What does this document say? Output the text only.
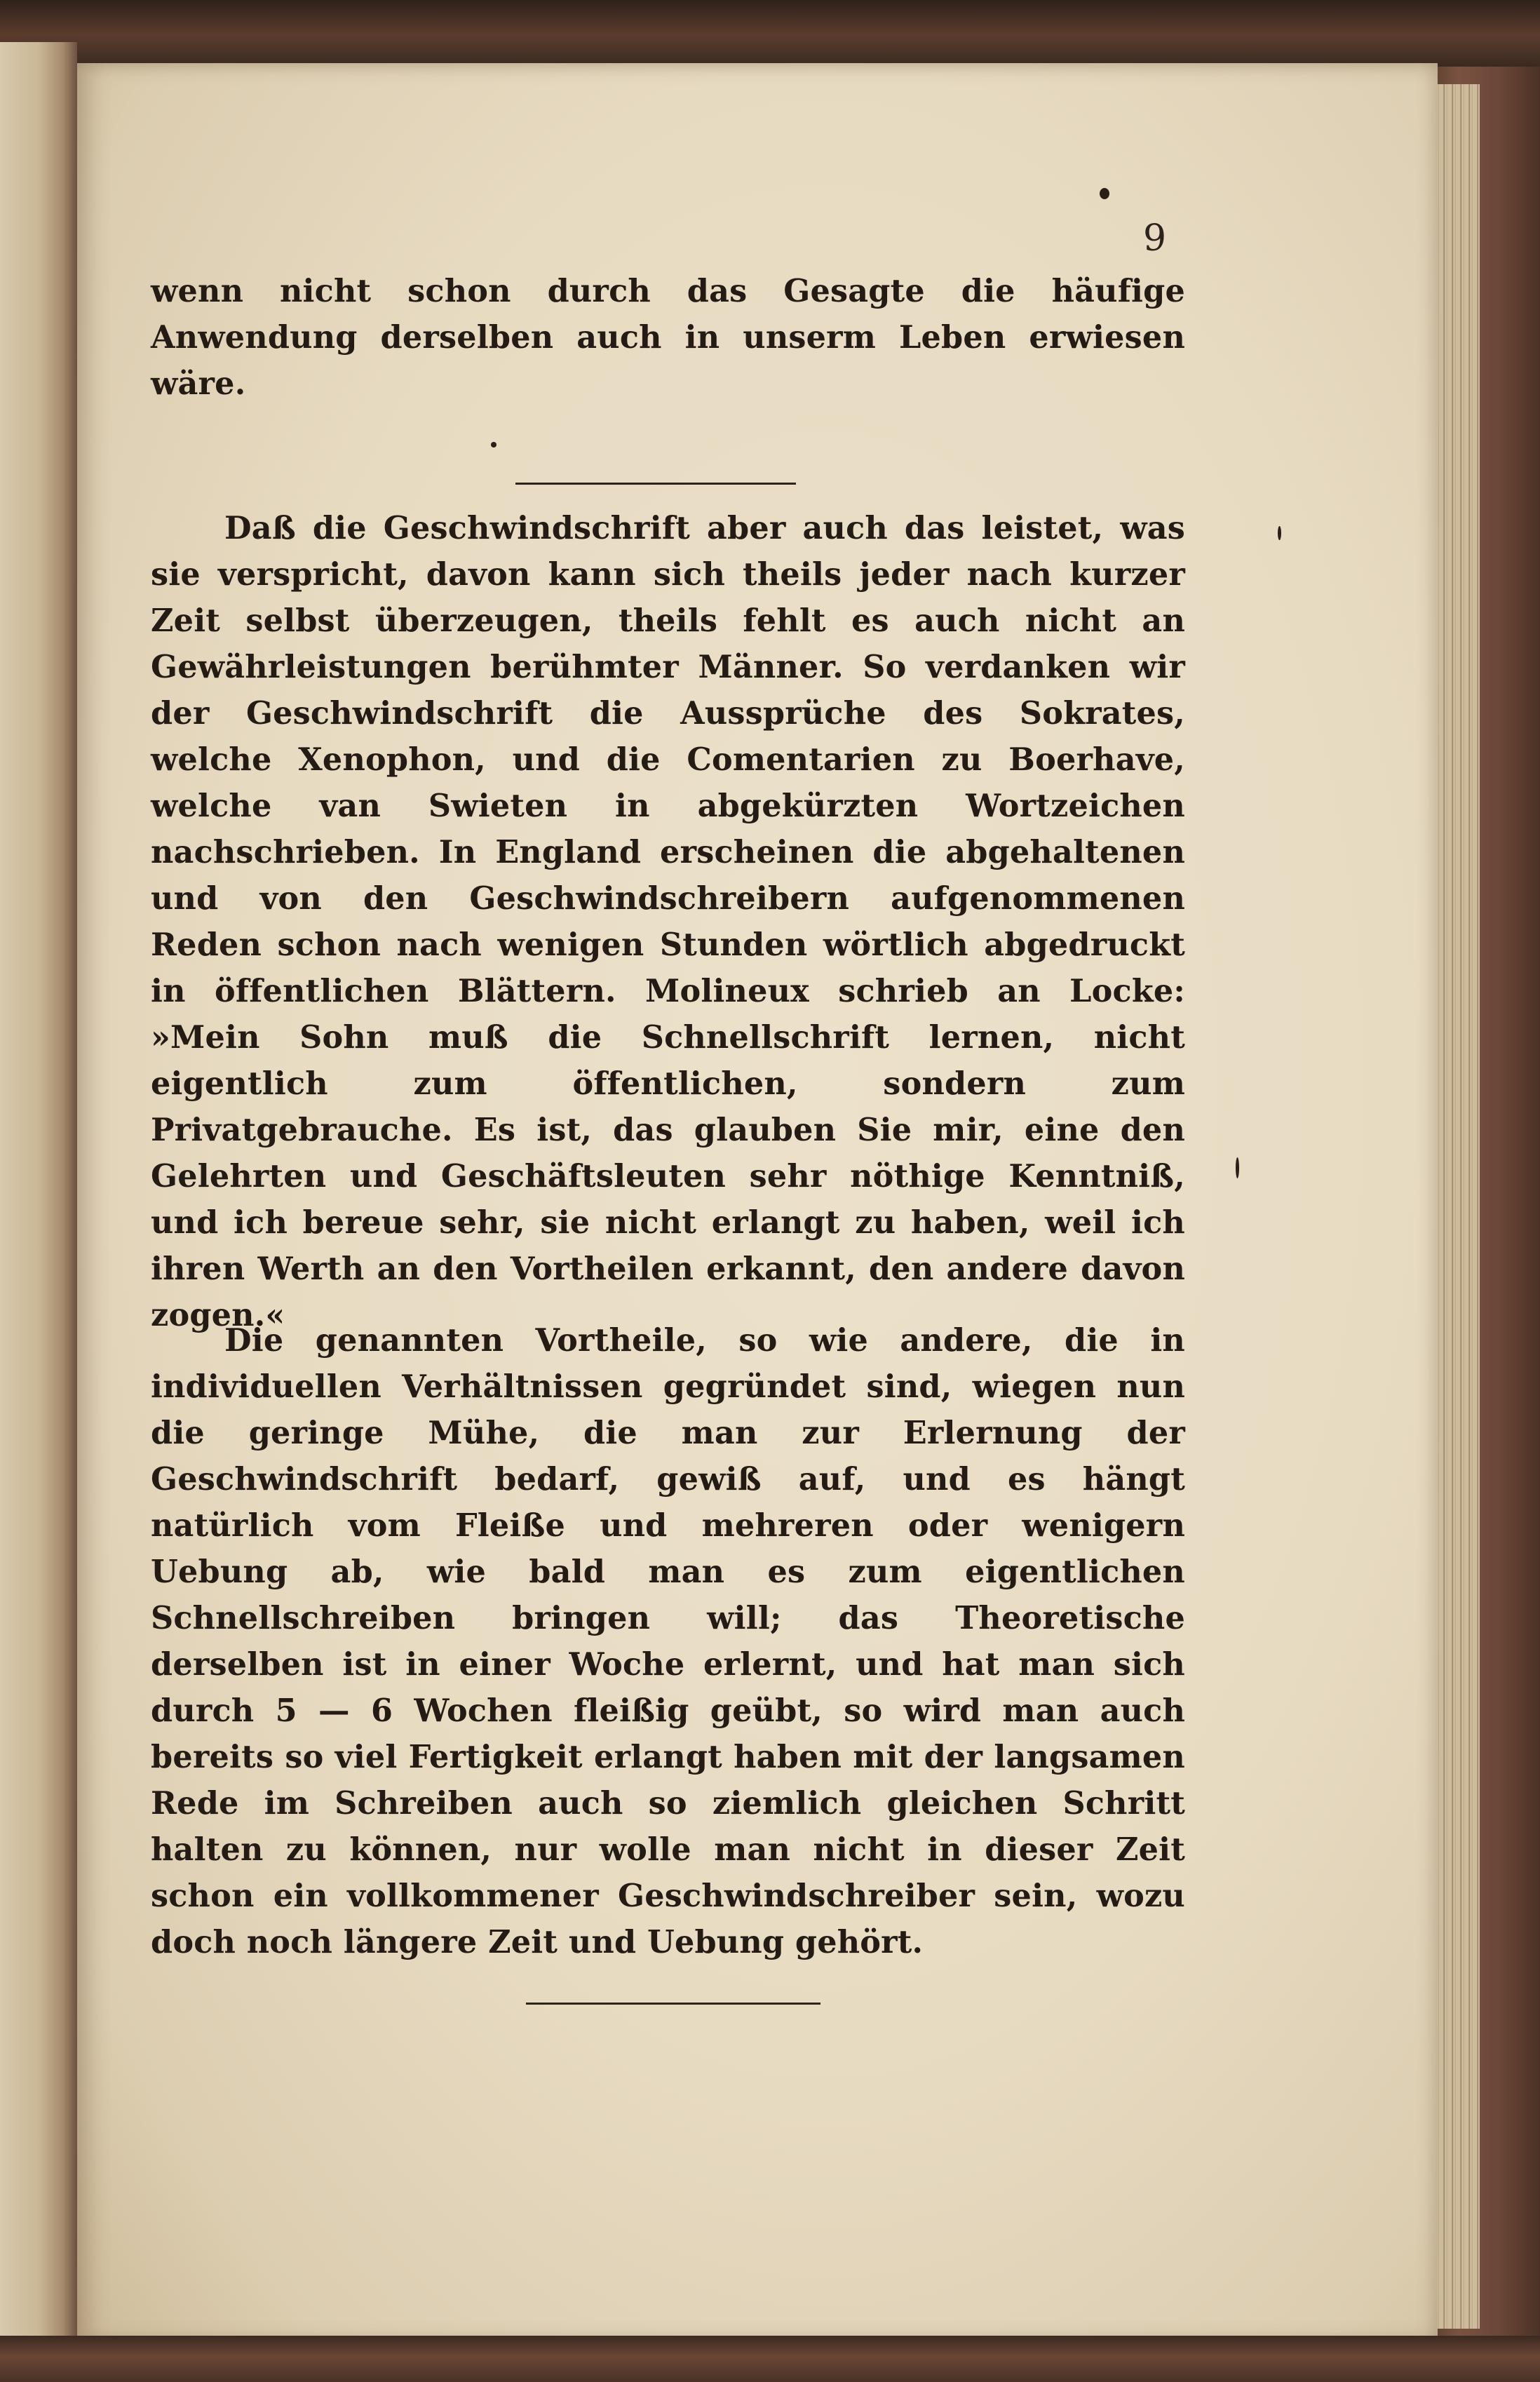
9
wenn nicht schon durch das Gesagte die häufige Anwendung derselben auch in unserm Leben erwiesen wäre.
Daß die Geschwindschrift aber auch das leistet, was sie verspricht, davon kann sich theils jeder nach kurzer Zeit selbst überzeugen, theils fehlt es auch nicht an Gewährleistungen berühmter Männer. So verdanken wir der Geschwindschrift die Aussprüche des Sokrates, welche Xenophon, und die Comentarien zu Boerhave, welche van Swieten in abgekürzten Wortzeichen nachschrieben. In England erscheinen die abgehaltenen und von den Geschwindschreibern aufgenommenen Reden schon nach wenigen Stunden wörtlich abgedruckt in öffentlichen Blättern. Molineux schrieb an Locke: »Mein Sohn muß die Schnellschrift lernen, nicht eigentlich zum öffentlichen, sondern zum Privatgebrauche. Es ist, das glauben Sie mir, eine den Gelehrten und Geschäftsleuten sehr nöthige Kenntniß, und ich bereue sehr, sie nicht erlangt zu haben, weil ich ihren Werth an den Vortheilen erkannt, den andere davon zogen.«
Die genannten Vortheile, so wie andere, die in individuellen Verhältnissen gegründet sind, wiegen nun die geringe Mühe, die man zur Erlernung der Geschwindschrift bedarf, gewiß auf, und es hängt natürlich vom Fleiße und mehreren oder wenigern Uebung ab, wie bald man es zum eigentlichen Schnellschreiben bringen will; das Theoretische derselben ist in einer Woche erlernt, und hat man sich durch 5 — 6 Wochen fleißig geübt, so wird man auch bereits so viel Fertigkeit erlangt haben mit der langsamen Rede im Schreiben auch so ziemlich gleichen Schritt halten zu können, nur wolle man nicht in dieser Zeit schon ein vollkommener Geschwindschreiber sein, wozu doch noch längere Zeit und Uebung gehört.
